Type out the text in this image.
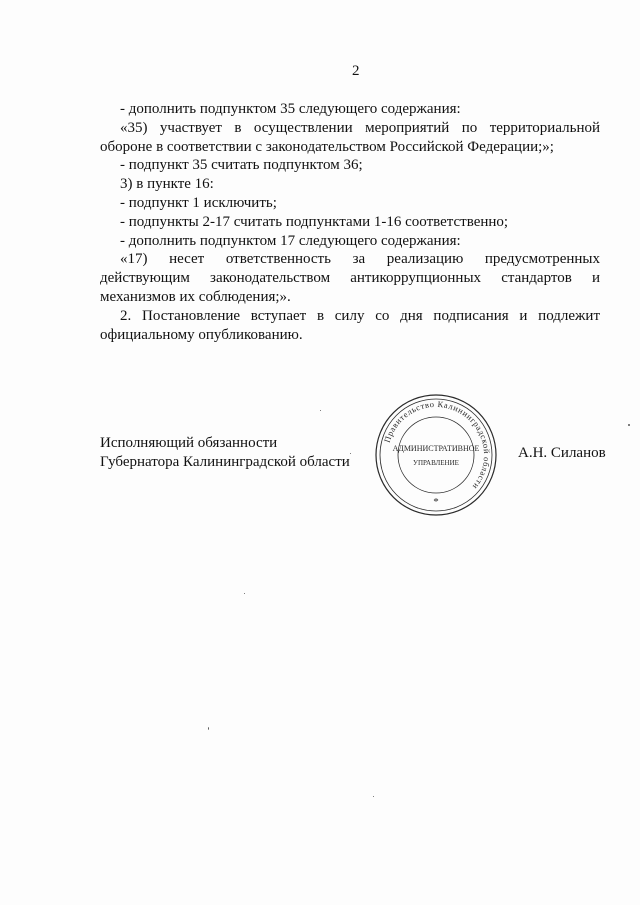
2

- дополнить подпунктом 35 следующего содержания:

«35) участвует в осуществлении мероприятий по территориальной обороне в соответствии с законодательством Российской Федерации;»;

- подпункт 35 считать подпунктом 36;

3) в пункте 16:

- подпункт 1 исключить;

- подпункты 2-17 считать подпунктами 1-16 соответственно;

- дополнить подпунктом 17 следующего содержания:

«17) несет ответственность за реализацию предусмотренных действующим законодательством антикоррупционных стандартов и механизмов их соблюдения;».

2. Постановление вступает в силу со дня подписания и подлежит официальному опубликованию.

Исполняющий обязанности
Губернатора Калининградской области
Правительство Калининградской области
АДМИНИСТРАТИВНОЕ
УПРАВЛЕНИЕ
*
А.Н. Силанов
